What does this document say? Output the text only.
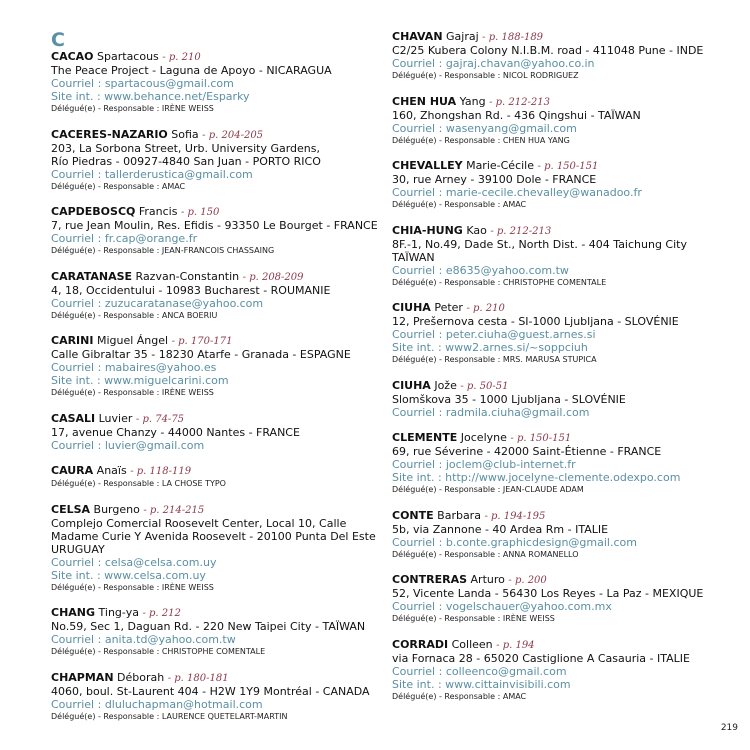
C
CACAO Spartacous - p. 210
The Peace Project - Laguna de Apoyo - NICARAGUA
Courriel : spartacous@gmail.com
Site int. : www.behance.net/Esparky
Délégué(e) - Responsable : IRÈNE WEISS
CACERES-NAZARIO Sofia - p. 204-205
203, La Sorbona Street, Urb. University Gardens,
Río Piedras - 00927-4840 San Juan - PORTO RICO
Courriel : tallerderustica@gmail.com
Délégué(e) - Responsable : AMAC
CAPDEBOSCQ Francis - p. 150
7, rue Jean Moulin, Res. Efidis - 93350 Le Bourget - FRANCE
Courriel : fr.cap@orange.fr
Délégué(e) - Responsable : JEAN-FRANCOIS CHASSAING
CARATANASE Razvan-Constantin - p. 208-209
4, 18, Occidentului - 10983 Bucharest - ROUMANIE
Courriel : zuzucaratanase@yahoo.com
Délégué(e) - Responsable : ANCA BOERIU
CARINI Miguel Ángel - p. 170-171
Calle Gibraltar 35 - 18230 Atarfe - Granada - ESPAGNE
Courriel : mabaires@yahoo.es
Site int. : www.miguelcarini.com
Délégué(e) - Responsable : IRÈNE WEISS
CASALI Luvier - p. 74-75
17, avenue Chanzy - 44000 Nantes - FRANCE
Courriel : luvier@gmail.com
CAURA Anaïs - p. 118-119
Délégué(e) - Responsable : LA CHOSE TYPO
CELSA Burgeno - p. 214-215
Complejo Comercial Roosevelt Center, Local 10, Calle
Madame Curie Y Avenida Roosevelt - 20100 Punta Del Este
URUGUAY
Courriel : celsa@celsa.com.uy
Site int. : www.celsa.com.uy
Délégué(e) - Responsable : IRÈNE WEISS
CHANG Ting-ya - p. 212
No.59, Sec 1, Daguan Rd. - 220 New Taipei City - TAÏWAN
Courriel : anita.td@yahoo.com.tw
Délégué(e) - Responsable : CHRISTOPHE COMENTALE
CHAPMAN Déborah - p. 180-181
4060, boul. St-Laurent 404 - H2W 1Y9 Montréal - CANADA
Courriel : dluluchapman@hotmail.com
Délégué(e) - Responsable : LAURENCE QUETELART-MARTIN
CHAVAN Gajraj - p. 188-189
C2/25 Kubera Colony N.I.B.M. road - 411048 Pune - INDE
Courriel : gajraj.chavan@yahoo.co.in
Délégué(e) - Responsable : NICOL RODRIGUEZ
CHEN HUA Yang - p. 212-213
160, Zhongshan Rd. - 436 Qingshui - TAÏWAN
Courriel : wasenyang@gmail.com
Délégué(e) - Responsable : CHEN HUA YANG
CHEVALLEY Marie-Cécile - p. 150-151
30, rue Arney - 39100 Dole - FRANCE
Courriel : marie-cecile.chevalley@wanadoo.fr
Délégué(e) - Responsable : AMAC
CHIA-HUNG Kao - p. 212-213
8F.-1, No.49, Dade St., North Dist. - 404 Taichung City
TAÏWAN
Courriel : e8635@yahoo.com.tw
Délégué(e) - Responsable : CHRISTOPHE COMENTALE
CIUHA Peter - p. 210
12, Prešernova cesta - SI-1000 Ljubljana - SLOVÉNIE
Courriel : peter.ciuha@guest.arnes.si
Site int. : www2.arnes.si/~soppciuh
Délégué(e) - Responsable : MRS. MARUSA STUPICA
CIUHA Jože - p. 50-51
Slomškova 35 - 1000 Ljubljana - SLOVÉNIE
Courriel : radmila.ciuha@gmail.com
CLEMENTE Jocelyne - p. 150-151
69, rue Séverine - 42000 Saint-Étienne - FRANCE
Courriel : joclem@club-internet.fr
Site int. : http://www.jocelyne-clemente.odexpo.com
Délégué(e) - Responsable : JEAN-CLAUDE ADAM
CONTE Barbara - p. 194-195
5b, via Zannone - 40 Ardea Rm - ITALIE
Courriel : b.conte.graphicdesign@gmail.com
Délégué(e) - Responsable : ANNA ROMANELLO
CONTRERAS Arturo - p. 200
52, Vicente Landa - 56430 Los Reyes - La Paz - MEXIQUE
Courriel : vogelschauer@yahoo.com.mx
Délégué(e) - Responsable : IRÈNE WEISS
CORRADI Colleen - p. 194
via Fornaca 28 - 65020 Castiglione A Casauria - ITALIE
Courriel : colleenco@gmail.com
Site int. : www.cittainvisibili.com
Délégué(e) - Responsable : AMAC
219
